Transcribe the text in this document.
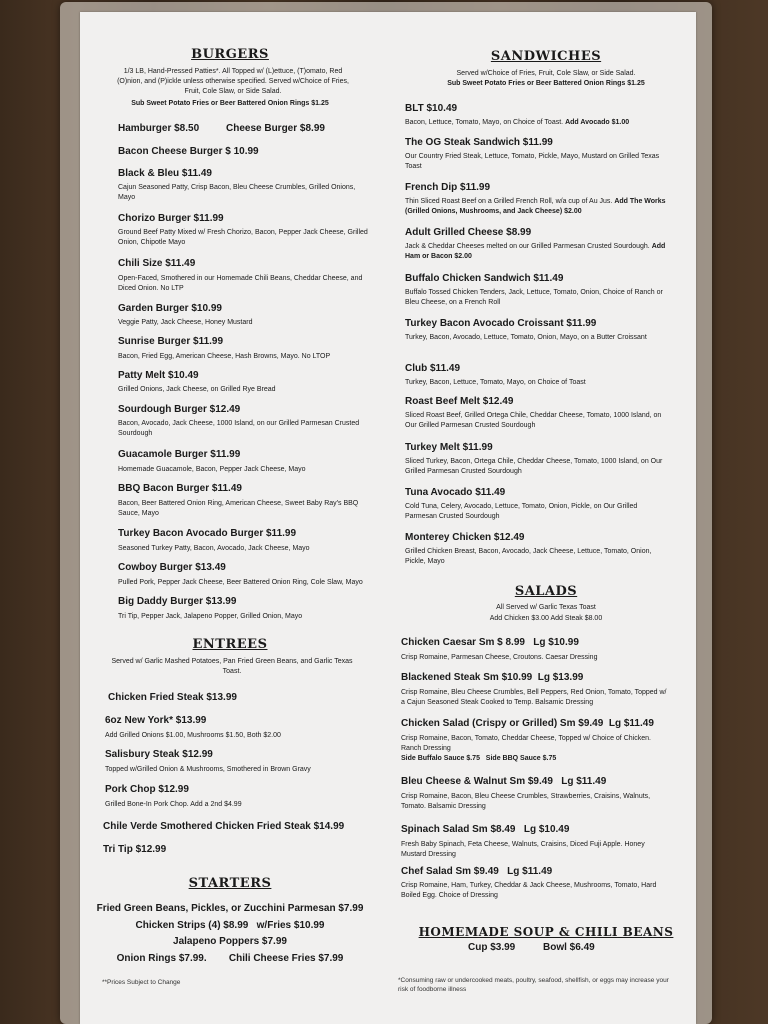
BURGERS
1/3 LB, Hand-Pressed Patties*. All Topped w/ (L)ettuce, (T)omato, Red (O)nion, and (P)ickle unless otherwise specified. Served w/Choice of Fries, Fruit, Cole Slaw, or Side Salad.
Sub Sweet Potato Fries or Beer Battered Onion Rings $1.25
Hamburger $8.50	Cheese Burger $8.99
Bacon Cheese Burger $ 10.99
Black & Bleu $11.49
Cajun Seasoned Patty, Crisp Bacon, Bleu Cheese Crumbles, Grilled Onions, Mayo
Chorizo Burger $11.99
Ground Beef Patty Mixed w/ Fresh Chorizo, Bacon, Pepper Jack Cheese, Grilled Onion, Chipotle Mayo
Chili Size $11.49
Open-Faced, Smothered in our Homemade Chili Beans, Cheddar Cheese, and Diced Onion. No LTP
Garden Burger $10.99
Veggie Patty, Jack Cheese, Honey Mustard
Sunrise Burger $11.99
Bacon, Fried Egg, American Cheese, Hash Browns, Mayo. No LTOP
Patty Melt $10.49
Grilled Onions, Jack Cheese, on Grilled Rye Bread
Sourdough Burger $12.49
Bacon, Avocado, Jack Cheese, 1000 Island, on our Grilled Parmesan Crusted Sourdough
Guacamole Burger $11.99
Homemade Guacamole, Bacon, Pepper Jack Cheese, Mayo
BBQ Bacon Burger $11.49
Bacon, Beer Battered Onion Ring, American Cheese, Sweet Baby Ray's BBQ Sauce, Mayo
Turkey Bacon Avocado Burger $11.99
Seasoned Turkey Patty, Bacon, Avocado, Jack Cheese, Mayo
Cowboy Burger $13.49
Pulled Pork, Pepper Jack Cheese, Beer Battered Onion Ring, Cole Slaw, Mayo
Big Daddy Burger $13.99
Tri Tip, Pepper Jack, Jalapeno Popper, Grilled Onion, Mayo
ENTREES
Served w/ Garlic Mashed Potatoes, Pan Fried Green Beans, and Garlic Texas Toast.
Chicken Fried Steak $13.99
6oz New York* $13.99
Add Grilled Onions $1.00, Mushrooms $1.50, Both $2.00
Salisbury Steak $12.99
Topped w/Grilled Onion & Mushrooms, Smothered in Brown Gravy
Pork Chop $12.99
Grilled Bone-In Pork Chop. Add a 2nd $4.99
Chile Verde Smothered Chicken Fried Steak $14.99
Tri Tip $12.99
STARTERS
Fried Green Beans, Pickles, or Zucchini Parmesan $7.99
Chicken Strips (4) $8.99   w/Fries $10.99
Jalapeno Poppers $7.99
Onion Rings $7.99.        Chili Cheese Fries $7.99
**Prices Subject to Change
SANDWICHES
Served w/Choice of Fries, Fruit, Cole Slaw, or Side Salad.
Sub Sweet Potato Fries or Beer Battered Onion Rings $1.25
BLT $10.49
Bacon, Lettuce, Tomato, Mayo, on Choice of Toast. Add Avocado $1.00
The OG Steak Sandwich $11.99
Our Country Fried Steak, Lettuce, Tomato, Pickle, Mayo, Mustard on Grilled Texas Toast
French Dip $11.99
Thin Sliced Roast Beef on a Grilled French Roll, w/a cup of Au Jus. Add The Works (Grilled Onions, Mushrooms, and Jack Cheese) $2.00
Adult Grilled Cheese $8.99
Jack & Cheddar Cheeses melted on our Grilled Parmesan Crusted Sourdough. Add Ham or Bacon $2.00
Buffalo Chicken Sandwich $11.49
Buffalo Tossed Chicken Tenders, Jack, Lettuce, Tomato, Onion, Choice of Ranch or Bleu Cheese, on a French Roll
Turkey Bacon Avocado Croissant $11.99
Turkey, Bacon, Avocado, Lettuce, Tomato, Onion, Mayo, on a Butter Croissant
Club $11.49
Turkey, Bacon, Lettuce, Tomato, Mayo, on Choice of Toast
Roast Beef Melt $12.49
Sliced Roast Beef, Grilled Ortega Chile, Cheddar Cheese, Tomato, 1000 Island, on Our Grilled Parmesan Crusted Sourdough
Turkey Melt $11.99
Sliced Turkey, Bacon, Ortega Chile, Cheddar Cheese, Tomato, 1000 Island, on Our Grilled Parmesan Crusted Sourdough
Tuna Avocado $11.49
Cold Tuna, Celery, Avocado, Lettuce, Tomato, Onion, Pickle, on Our Grilled Parmesan Crusted Sourdough
Monterey Chicken $12.49
Grilled Chicken Breast, Bacon, Avocado, Jack Cheese, Lettuce, Tomato, Onion, Pickle, Mayo
SALADS
All Served w/ Garlic Texas Toast
Add Chicken $3.00 Add Steak $8.00
Chicken Caesar Sm $ 8.99   Lg $10.99
Crisp Romaine, Parmesan Cheese, Croutons. Caesar Dressing
Blackened Steak Sm $10.99  Lg $13.99
Crisp Romaine, Bleu Cheese Crumbles, Bell Peppers, Red Onion, Tomato, Topped w/ a Cajun Seasoned Steak Cooked to Temp. Balsamic Dressing
Chicken Salad (Crispy or Grilled) Sm $9.49  Lg $11.49
Crisp Romaine, Bacon, Tomato, Cheddar Cheese, Topped w/ Choice of Chicken. Ranch Dressing
Side Buffalo Sauce $.75   Side BBQ Sauce $.75
Bleu Cheese & Walnut Sm $9.49   Lg $11.49
Crisp Romaine, Bacon, Bleu Cheese Crumbles, Strawberries, Craisins, Walnuts, Tomato. Balsamic Dressing
Spinach Salad Sm $8.49   Lg $10.49
Fresh Baby Spinach, Feta Cheese, Walnuts, Craisins, Diced Fuji Apple. Honey Mustard Dressing
Chef Salad Sm $9.49   Lg $11.49
Crisp Romaine, Ham, Turkey, Cheddar & Jack Cheese, Mushrooms, Tomato, Hard Boiled Egg. Choice of Dressing
HOMEMADE SOUP & CHILI BEANS
Cup $3.99	Bowl $6.49
*Consuming raw or undercooked meats, poultry, seafood, shellfish, or eggs may increase your risk of foodborne illness
